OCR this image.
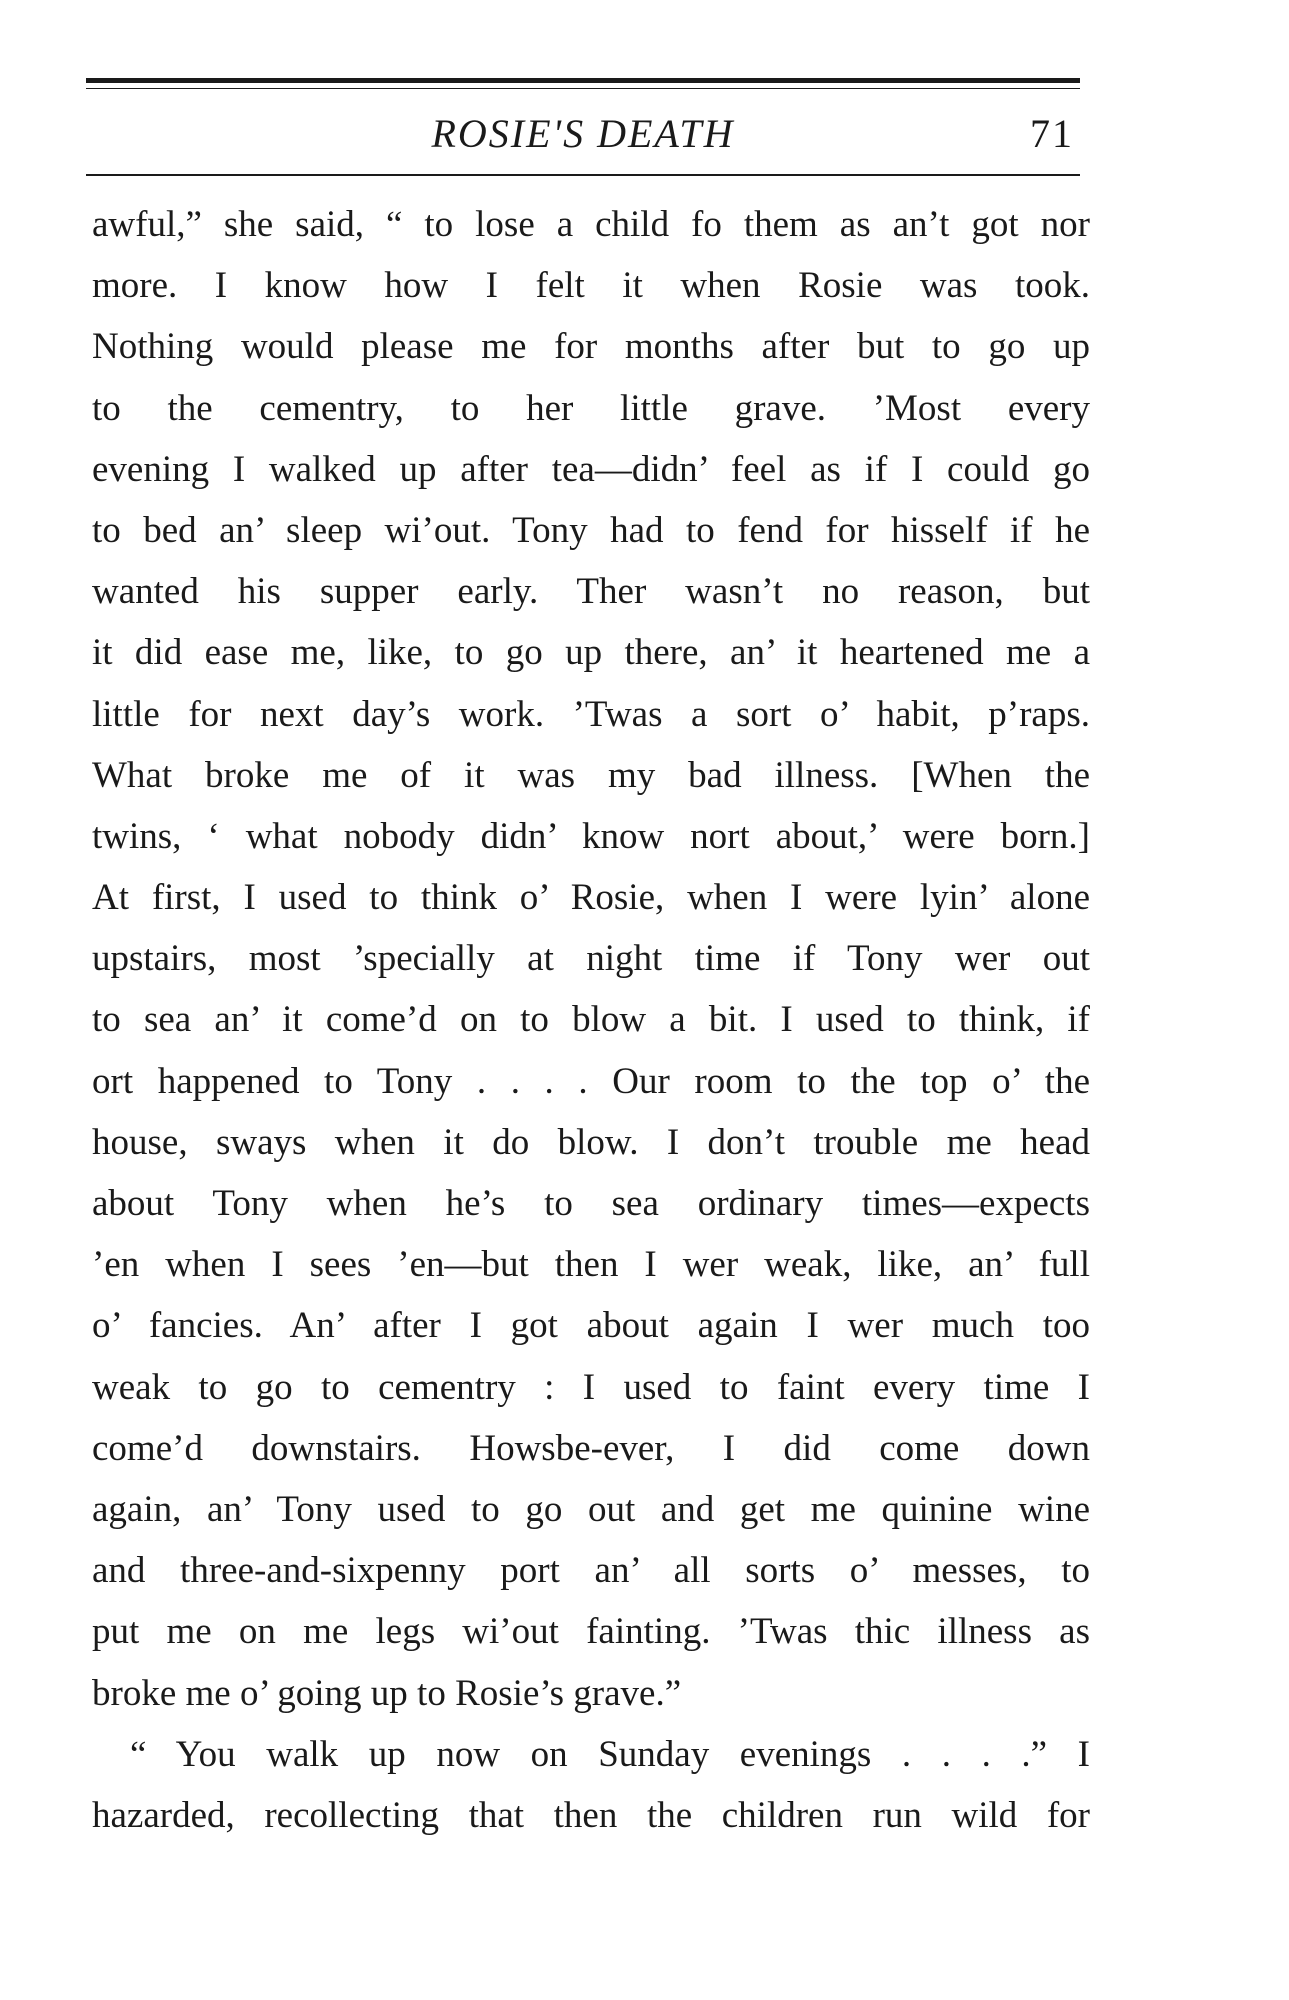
ROSIE'S DEATH	71
awful,” she said, “ to lose a child fo them as an’t got nor
more. I know how I felt it when Rosie was took.
Nothing would please me for months after but to go up
to the cementry, to her little grave. ’Most every
evening I walked up after tea—didn’ feel as if I could go
to bed an’ sleep wi’out. Tony had to fend for hisself if he
wanted his supper early. Ther wasn’t no reason, but
it did ease me, like, to go up there, an’ it heartened me a
little for next day’s work. ’Twas a sort o’ habit, p’raps.
What broke me of it was my bad illness. [When the
twins, ‘ what nobody didn’ know nort about,’ were born.]
At first, I used to think o’ Rosie, when I were lyin’ alone
upstairs, most ’specially at night time if Tony wer out
to sea an’ it come’d on to blow a bit. I used to think, if
ort happened to Tony . . . . Our room to the top o’ the
house, sways when it do blow. I don’t trouble me head
about Tony when he’s to sea ordinary times—expects
’en when I sees ’en—but then I wer weak, like, an’ full
o’ fancies. An’ after I got about again I wer much too
weak to go to cementry : I used to faint every time I
come’d downstairs. Howsbe-ever, I did come down
again, an’ Tony used to go out and get me quinine wine
and three-and-sixpenny port an’ all sorts o’ messes, to
put me on me legs wi’out fainting. ’Twas thic illness as
broke me o’ going up to Rosie’s grave.”
“ You walk up now on Sunday evenings . . . .” I
hazarded, recollecting that then the children run wild for
